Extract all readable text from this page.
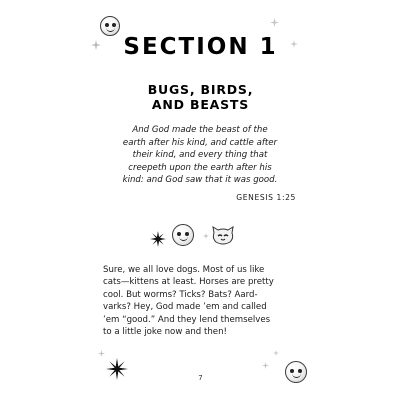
SECTION 1
BUGS, BIRDS,
AND BEASTS
And God made the beast of the
earth after his kind, and cattle after
their kind, and every thing that
creepeth upon the earth after his
kind: and God saw that it was good.
GENESIS 1:25
Sure, we all love dogs. Most of us like
cats—kittens at least. Horses are pretty
cool. But worms? Ticks? Bats? Aard-
varks? Hey, God made ’em and called
’em “good.” And they lend themselves
to a little joke now and then!
7
